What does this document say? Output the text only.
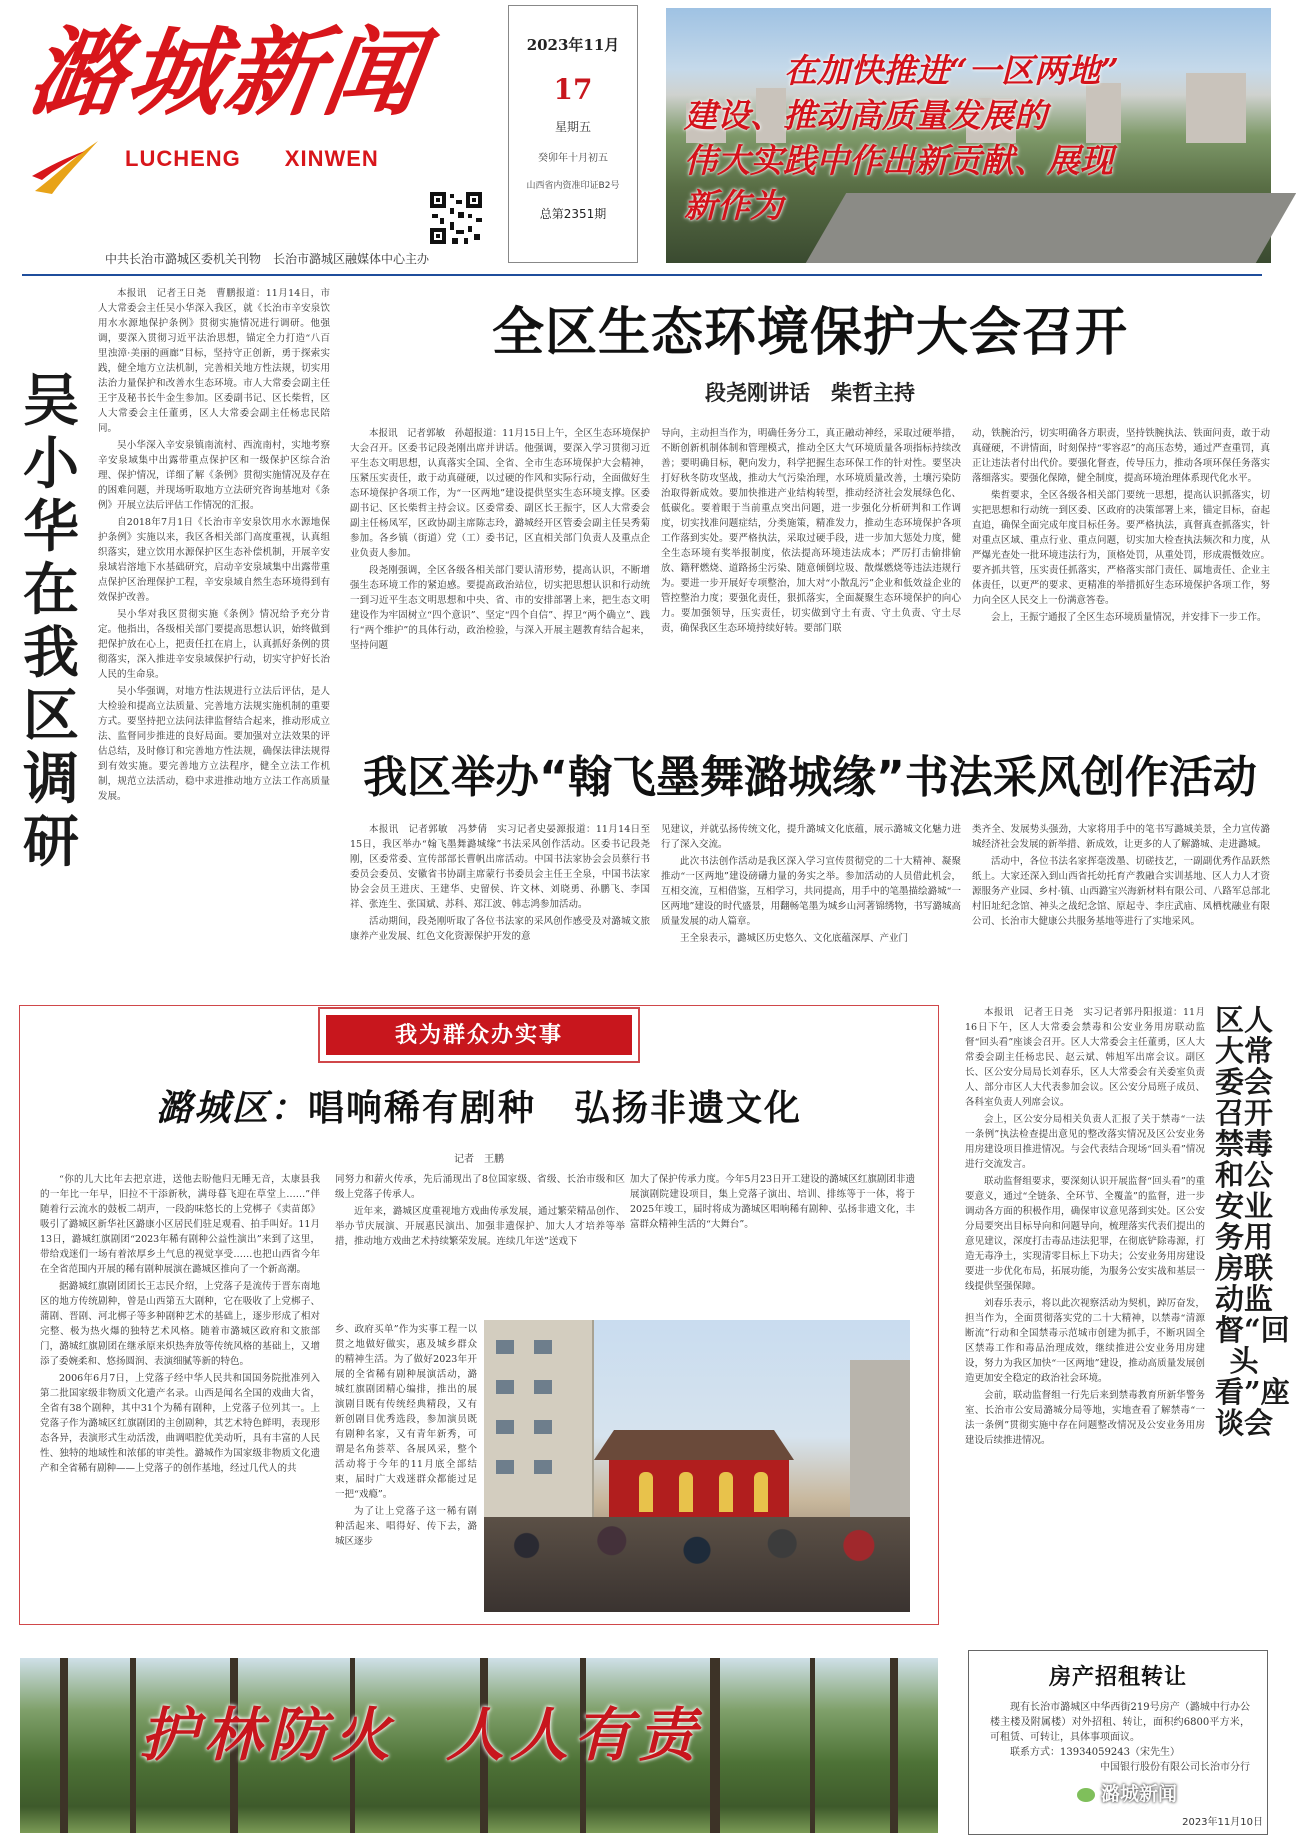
潞城新闻
LUCHENG XINWEN
中共长治市潞城区委机关刊物　长治市潞城区融媒体中心主办
2023年11月
17
星期五
癸卯年十月初五
山西省内资准印证B2号
总第2351期
在加快推进“一区两地”
建设、推动高质量发展的
伟大实践中作出新贡献、展现
新作为
吴小华在我区调研

本报讯　记者王日尧　曹鹏报道：11月14日，市人大常委会主任吴小华深入我区，就《长治市辛安泉饮用水水源地保护条例》贯彻实施情况进行调研。他强调，要深入贯彻习近平法治思想，锚定全力打造“八百里浊漳·美丽的画廊”目标，坚持守正创新，勇于探索实践，健全地方立法机制，完善相关地方性法规，切实用法治力量保护和改善水生态环境。市人大常委会副主任王宇及秘书长牛金生参加。区委副书记、区长柴哲，区人大常委会主任董勇，区人大常委会副主任杨忠民陪同。

吴小华深入辛安泉镇南流村、西流南村，实地考察辛安泉域集中出露带重点保护区和一级保护区综合治理、保护情况，详细了解《条例》贯彻实施情况及存在的困难问题，并现场听取地方立法研究咨询基地对《条例》开展立法后评估工作情况的汇报。

自2018年7月1日《长治市辛安泉饮用水水源地保护条例》实施以来，我区各相关部门高度重视，认真组织落实，建立饮用水源保护区生态补偿机制，开展辛安泉域岩溶地下水基础研究，启动辛安泉域集中出露带重点保护区治理保护工程，辛安泉域自然生态环境得到有效保护改善。

吴小华对我区贯彻实施《条例》情况给予充分肯定。他指出，各级相关部门要提高思想认识，始终做到把保护放在心上，把责任扛在肩上，认真抓好条例的贯彻落实，深入推进辛安泉域保护行动，切实守护好长治人民的生命泉。

吴小华强调，对地方性法规进行立法后评估，是人大检验和提高立法质量、完善地方法规实施机制的重要方式。要坚持把立法问法律监督结合起来，推动形成立法、监督同步推进的良好局面。要加强对立法效果的评估总结，及时修订和完善地方性法规，确保法律法规得到有效实施。要完善地方立法程序，健全立法工作机制，规范立法活动，稳中求进推动地方立法工作高质量发展。

全区生态环境保护大会召开
段尧刚讲话　柴哲主持

本报讯　记者郭敏　孙超报道：11月15日上午，全区生态环境保护大会召开。区委书记段尧刚出席并讲话。他强调，要深入学习贯彻习近平生态文明思想，认真落实全国、全省、全市生态环境保护大会精神，压紧压实责任，敢于动真碰硬，以过硬的作风和实际行动，全面做好生态环境保护各项工作，为“一区两地”建设提供坚实生态环境支撑。区委副书记、区长柴哲主持会议。区委常委、副区长王振宇，区人大常委会副主任杨凤军，区政协副主席陈志玲，潞城经开区管委会副主任吴秀菊参加。各乡镇（街道）党（工）委书记，区直相关部门负责人及重点企业负责人参加。

段尧刚强调，全区各级各相关部门要认清形势，提高认识，不断增强生态环境工作的紧迫感。要提高政治站位，切实把思想认识和行动统一到习近平生态文明思想和中央、省、市的安排部署上来，把生态文明建设作为牢固树立“四个意识”、坚定“四个自信”、捍卫“两个确立”、践行“两个维护”的具体行动，政治检验，与深入开展主题教育结合起来，坚持问题

导向，主动担当作为，明确任务分工，真正融动神经，采取过硬举措，不断创新机制体制和管理模式，推动全区大气环境质量各项指标持续改善；要明确目标，靶向发力，科学把握生态环保工作的针对性。要坚决打好秋冬防攻坚战，推动大气污染治理，水环境质量改善，土壤污染防治取得新成效。要加快推进产业结构转型，推动经济社会发展绿色化、低碳化。要着眼于当前重点突出问题，进一步强化分析研判和工作调度，切实找准问题症结，分类施策，精准发力，推动生态环境保护各项工作落到实处。要严格执法，采取过硬手段，进一步加大惩处力度，健全生态环境有奖举报制度，依法提高环境违法成本；严厉打击偷排偷放、籍秤燃烧、道路扬尘污染、随意倾倒垃圾、散煤燃烧等违法违规行为。要进一步开展好专项整治，加大对“小散乱污”企业和低效益企业的管控整治力度；要强化责任，狠抓落实，全面凝聚生态环境保护的向心力。要加强领导，压实责任，切实做到守土有责、守土负责、守土尽责，确保我区生态环境持续好转。要部门联

动，铁腕治污，切实明确各方职责，坚持铁腕执法、铁面问责，敢于动真碰硬，不讲情面，时刻保持“零容忍”的高压态势，通过严查重罚，真正让违法者付出代价。要强化督查，传导压力，推动各项环保任务落实落细落实。要强化保障，健全制度，提高环境治理体系现代化水平。

柴哲要求，全区各级各相关部门要统一思想，提高认识抓落实，切实把思想和行动统一到区委、区政府的决策部署上来，锚定目标，奋起直追，确保全面完成年度目标任务。要严格执法，真督真查抓落实，针对重点区域、重点行业、重点问题，切实加大检查执法频次和力度，从严爆光查处一批环境违法行为，顶格处罚，从重处罚，形成震慑效应。要齐抓共管，压实责任抓落实，严格落实部门责任、属地责任、企业主体责任，以更严的要求、更精准的举措抓好生态环境保护各项工作，努力向全区人民交上一份满意答卷。

会上，王振宁通报了全区生态环境质量情况，并安排下一步工作。

我区举办“翰飞墨舞潞城缘”书法采风创作活动

本报讯　记者郭敏　冯梦倩　实习记者史晏源报道：11月14日至15日，我区举办“翰飞墨舞潞城缘”书法采风创作活动。区委书记段尧刚，区委常委、宣传部部长曹帆出席活动。中国书法家协会会员蔡行书委员会委员、安徽省书协副主席蒙行书委员会主任王全泉，中国书法家协会会员王进庆、王建华、史留侯、许文林、刘晓勇、孙鹏飞、李国祥、张连生、张国斌、苏科、郑江波、韩志鸿参加活动。

活动期间，段尧刚听取了各位书法家的采风创作感受及对潞城文旅康养产业发展、红色文化资源保护开发的意

见建议，并就弘扬传统文化，提升潞城文化底蕴，展示潞城文化魅力进行了深入交流。

此次书法创作活动是我区深入学习宣传贯彻党的二十大精神、凝聚推动“一区两地”建设磅礴力量的务实之举。参加活动的人员借此机会，互相交流，互相借鉴，互相学习，共同提高，用手中的笔墨描绘潞城“一区两地”建设的时代盛景，用翻畅笔墨为城乡山河著锦绣物，书写潞城高质量发展的动人篇章。

王全泉表示，潞城区历史悠久、文化底蕴深厚、产业门

类齐全、发展势头强劲，大家将用手中的笔书写潞城美景，全力宣传潞城经济社会发展的新举措、新成效，让更多的人了解潞城、走进潞城。

活动中，各位书法名家挥毫泼墨、切磋技艺，一副副优秀作品跃然纸上。大家还深入到山西省托幼托育产教融合实训基地、区人力人才资源服务产业园、乡村·镇、山西潞宝兴海新材料有限公司、八路军总部北村旧址纪念馆、神头之战纪念馆、原起寺、李庄武庙、凤栖枕融业有限公司、长治市大健康公共服务基地等进行了实地采风。

我为群众办实事
潞城区：唱响稀有剧种　弘扬非遗文化
记者　王鹏

“你的儿大比年去把京进，送他去盼他归无睡无音，太康县我的一年比一年早，旧拉不干添新秋，满母暮飞迎在草堂上……”伴随着行云流水的鼓板二胡声，一段韵味悠长的上党梆子《卖苗郎》吸引了潞城区新华社区潞康小区居民们驻足观看、拍手叫好。11月13日，潞城红旗剧团“2023年稀有剧种公益性演出”来到了这里，带给戏迷们一场有着浓厚乡土气息的视觉享受……也把山西省今年在全省范围内开展的稀有剧种展演在潞城区推向了一个新高潮。

据潞城红旗剧团团长王志民介绍，上党落子是流传于晋东南地区的地方传统剧种，曾是山西第五大剧种，它在吸收了上党梆子、蒲剧、晋剧、河北梆子等多种剧种艺术的基础上，逐步形成了相对完整、极为热火爆的独特艺术风格。随着市潞城区政府和文旅部门，潞城红旗剧团在继承原来炽热奔放等传统风格的基础上，又增添了委婉柔和、悠扬圆润、表演细腻等新的特色。

2006年6月7日，上党落子经中华人民共和国国务院批准列入第二批国家级非物质文化遗产名录。山西是闻名全国的戏曲大省，全省有38个剧种，其中31个为稀有剧种，上党落子位列其一。上党落子作为潞城区红旗剧团的主创剧种，其艺术特色鲜明，表现形态各异，表演形式生动活泼，曲调唱腔优美动听，具有丰富的人民性、独特的地域性和浓郁的审美性。潞城作为国家级非物质文化遗产和全省稀有剧种——上党落子的创作基地，经过几代人的共

同努力和薪火传承，先后涌现出了8位国家级、省级、长治市级和区级上党落子传承人。

近年来，潞城区度重视地方戏曲传承发展，通过繁荣精品创作、举办节庆展演、开展惠民演出、加强非遗保护、加大人才培养等举措，推动地方戏曲艺术持续繁荣发展。连续几年送”送戏下

乡、政府买单”作为实事工程一以贯之地做好做实，惠及城乡群众的精神生活。为了做好2023年开展的全省稀有剧种展演活动，潞城红旗剧团精心编排，推出的展演剧目既有传统经典精段，又有新创剧目优秀选段，参加演员既有剧种名家，又有青年新秀，可谓是名角荟萃、各展风采，整个活动将于今年的11月底全部结束，届时广大戏迷群众都能过足一把“戏瘾”。

为了让上党落子这一稀有剧种活起来、唱得好、传下去，潞城区逐步

加大了保护传承力度。今年5月23日开工建设的潞城区红旗剧团非遗展演剧院建设项目，集上党落子演出、培训、排练等于一体，将于2025年竣工，届时将成为潞城区唱响稀有剧种、弘扬非遗文化，丰富群众精神生活的“大舞台”。

本报讯　记者王日尧　实习记者郭丹阳报道：11月16日下午，区人大常委会禁毒和公安业务用房联动监督“回头看”座谈会召开。区人大常委会主任董勇，区人大常委会副主任杨忠民、赵云斌、韩旭军出席会议。副区长、区公安分局局长刘春乐，区人大常委会有关委室负责人、部分市区人大代表参加会议。区公安分局班子成员、各科室负责人列席会议。

会上，区公安分局相关负责人汇报了关于禁毒“一法一条例”执法检查提出意见的整改落实情况及区公安业务用房建设项目推进情况。与会代表结合现场“回头看”情况进行交流发言。

联动监督组要求，要深刻认识开展监督“回头看”的重要意义，通过“全链条、全环节、全覆盖”的监督，进一步调动各方面的积极作用，确保审议意见落到实处。区公安分局要突出目标导向和问题导向，梳理落实代表们提出的意见建议，深度打击毒品违法犯罪，在彻底铲除毒源，打造无毒净土，实现清零目标上下功夫；公安业务用房建设要进一步优化布局，拓展功能，为服务公安实战和基层一线提供坚强保障。

刘春乐表示，将以此次视察活动为契机，踔厉奋发，担当作为，全面贯彻落实党的二十大精神，以禁毒“清源断流”行动和全国禁毒示范城市创建为抓手，不断巩固全区禁毒工作和毒品治理成效，继续推进公安业务用房建设，努力为我区加快“一区两地”建设，推动高质量发展创造更加安全稳定的政治社会环境。

会前，联动监督组一行先后来到禁毒教育所新华警务室、长治市公安局潞城分局等地，实地查看了解禁毒“一法一条例”贯彻实施中存在问题整改情况及公安业务用房建设后续推进情况。

区人大常委会召开禁毒和公安业务用房联动监督“回头看”座谈会
护林防火 人人有责
房产招租转让

现有长治市潞城区中华西街219号房产（潞城中行办公楼主楼及附属楼）对外招租、转让，面积约6800平方米，可租赁、可转让，具体事项面议。

联系方式：13934059243（宋先生）
中国银行股份有限公司长治市分行
2023年11月10日
潞城新闻
